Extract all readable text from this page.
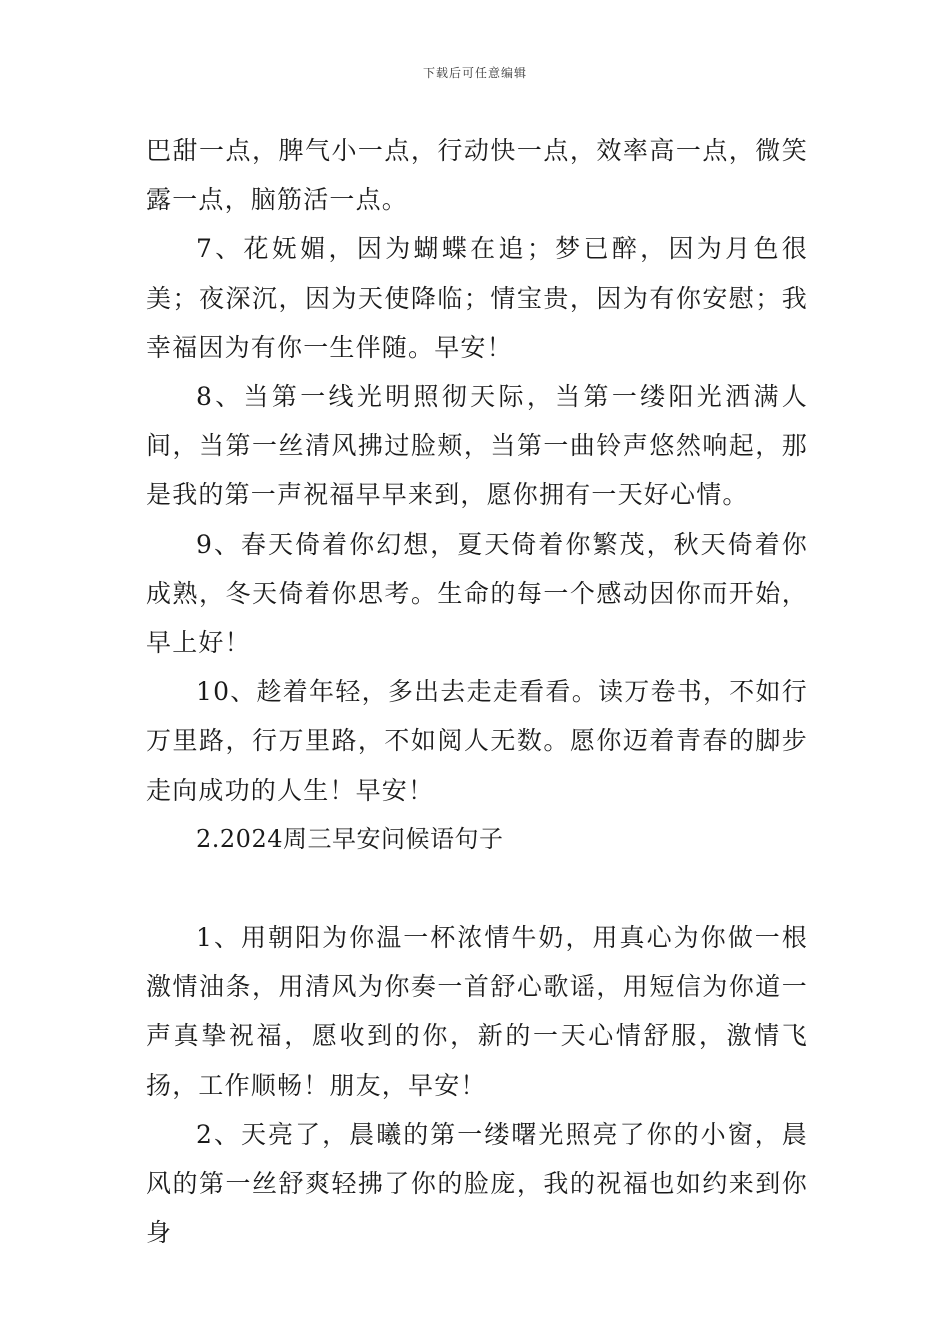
下载后可任意编辑

巴甜一点，脾气小一点，行动快一点，效率高一点，微笑露一点，脑筋活一点。

7、花妩媚，因为蝴蝶在追；梦已醉，因为月色很美；夜深沉，因为天使降临；情宝贵，因为有你安慰；我幸福因为有你一生伴随。早安！

8、当第一线光明照彻天际，当第一缕阳光洒满人间，当第一丝清风拂过脸颊，当第一曲铃声悠然响起，那是我的第一声祝福早早来到，愿你拥有一天好心情。

9、春天倚着你幻想，夏天倚着你繁茂，秋天倚着你成熟，冬天倚着你思考。生命的每一个感动因你而开始，早上好！

10、趁着年轻，多出去走走看看。读万卷书，不如行万里路，行万里路，不如阅人无数。愿你迈着青春的脚步走向成功的人生！早安！

2.2024周三早安问候语句子

1、用朝阳为你温一杯浓情牛奶，用真心为你做一根激情油条，用清风为你奏一首舒心歌谣，用短信为你道一声真挚祝福，愿收到的你，新的一天心情舒服，激情飞扬，工作顺畅！朋友，早安！

2、天亮了，晨曦的第一缕曙光照亮了你的小窗，晨风的第一丝舒爽轻拂了你的脸庞，我的祝福也如约来到你身
